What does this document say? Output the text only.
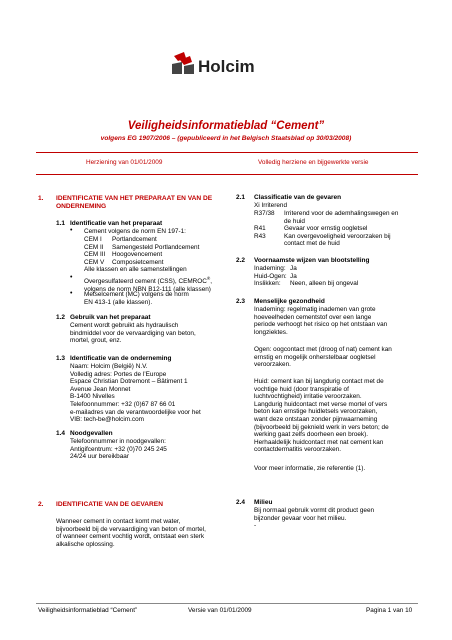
Holcim
Veiligheidsinformatieblad “Cement”
volgens EG 1907/2006 – (gepubliceerd in het Belgisch Staatsblad op 30/03/2008)
Herziening van 01/01/2009	Volledig herziene en bijgewerkte versie
1. IDENTIFICATIE VAN HET PREPARAAT EN VAN DE
ONDERNEMING
1.1 Identificatie van het preparaat
• Cement volgens de norm EN 197-1:
CEM I Portlandcement
CEM II Samengesteld Portlandcement
CEM III Hoogovencement
CEM V Composietcement
Alle klassen en alle samenstellingen
•
Overgesulfateerd cement (CSS), CEMROC®,
volgens de norm NBN B12-111 (alle klassen)
• Metselcement (MC) volgens de norm
EN 413-1 (alle klassen).
1.2 Gebruik van het preparaat
Cement wordt gebruikt als hydraulisch
bindmiddel voor de vervaardiging van beton,
mortel, grout, enz.
1.3 Identificatie van de onderneming
Naam: Holcim (België) N.V.
Volledig adres: Portes de l’Europe
Espace Christian Dotremont – Bâtiment 1
Avenue Jean Monnet
B-1400 Nivelles
Telefoonnummer: +32 (0)67 87 66 01
e-mailadres van de verantwoordelijke voor het
VIB: tech-be@holcim.com
1.4 Noodgevallen
Telefoonnummer in noodgevallen:
Antigifcentrum: +32 (0)70 245 245
24/24 uur bereikbaar
2. IDENTIFICATIE VAN DE GEVAREN
Wanneer cement in contact komt met water,
bijvoorbeeld bij de vervaardiging van beton of mortel,
of wanneer cement vochtig wordt, ontstaat een sterk
alkalische oplossing.
2.1 Classificatie van de gevaren
Xi Irriterend
R37/38 Irriterend voor de ademhalingswegen en
de huid
R41	Gevaar voor ernstig oogletsel
R43	Kan overgevoeligheid veroorzaken bij
contact met de huid
2.2 Voornaamste wijzen van blootstelling
Inademing: Ja
Huid-Ogen: Ja
Inslikken: Neen, alleen bij ongeval
2.3 Menselijke gezondheid
Inademing: regelmatig inademen van grote
hoeveelheden cementstof over een lange
periode verhoogt het risico op het ontstaan van
longziektes.
Ogen: oogcontact met (droog of nat) cement kan
ernstig en mogelijk onherstelbaar oogletsel
veroorzaken.
Huid: cement kan bij langdurig contact met de
vochtige huid (door transpiratie of
luchtvochtigheid) irritatie veroorzaken.
Langdurig huidcontact met verse mortel of vers
beton kan ernstige huidletsels veroorzaken,
want deze ontstaan zonder pijnwaarneming
(bijvoorbeeld bij geknield werk in vers beton; de
werking gaat zelfs doorheen een broek).
Herhaaldelijk huidcontact met nat cement kan
contactdermatitis veroorzaken.
Voor meer informatie, zie referentie (1).
2.4 Milieu
Bij normaal gebruik vormt dit product geen
bijzonder gevaar voor het milieu.
-
Veiligheidsinformatieblad “Cement”	Versie van 01/01/2009	Pagina 1 van 10
